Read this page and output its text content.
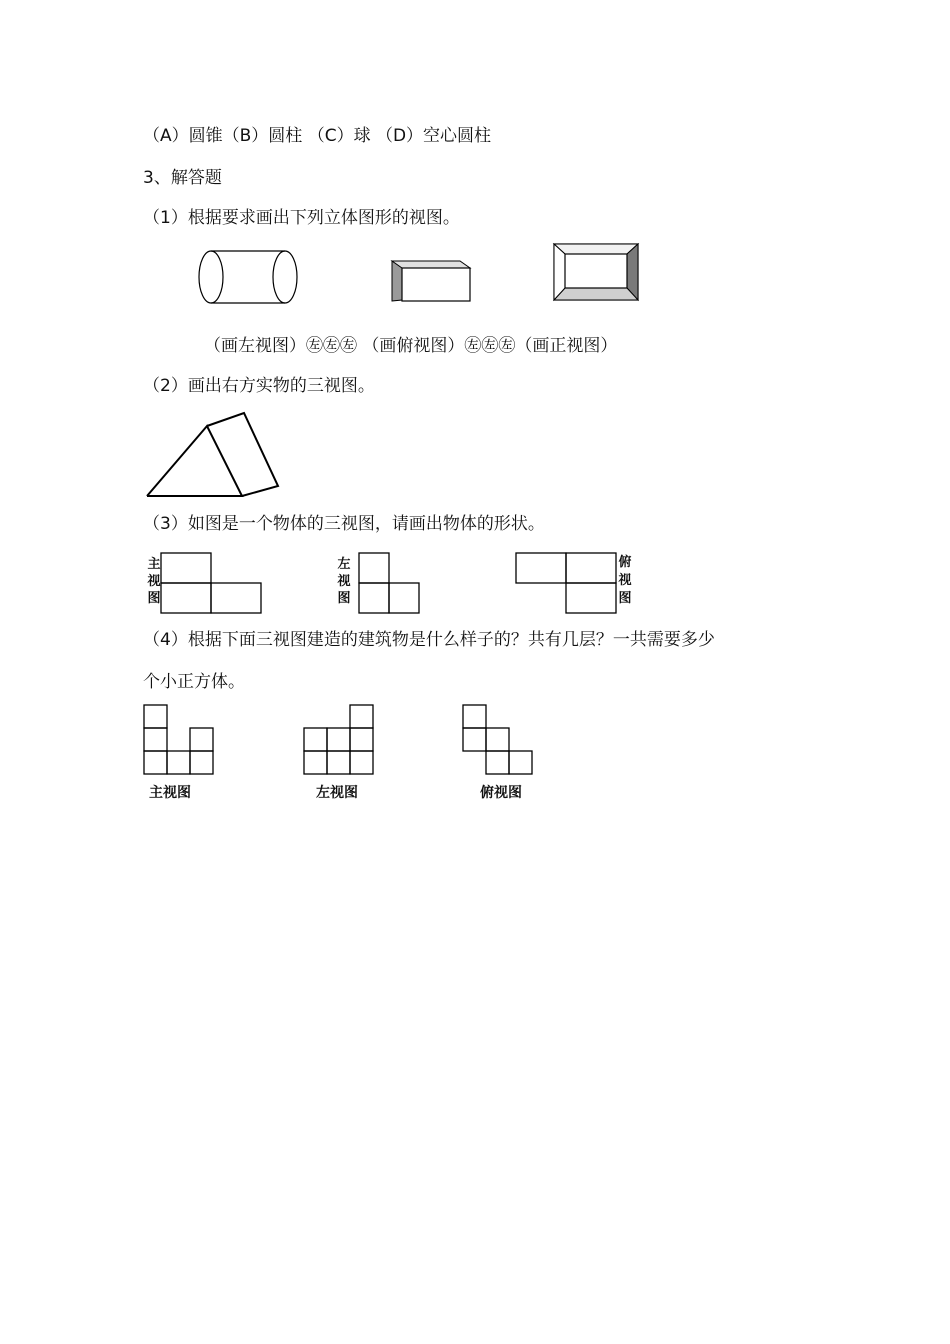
（A）圆锥（B）圆柱 （C）球 （D）空心圆柱
3、解答题
（1）根据要求画出下列立体图形的视图。
（画左视图）㊧㊧㊧ （画俯视图）㊧㊧㊧（画正视图）
（2）画出右方实物的三视图。
（3）如图是一个物体的三视图，请画出物体的形状。
主
视
图
左
视
图
俯
视
图
（4）根据下面三视图建造的建筑物是什么样子的？共有几层？一共需要多少
个小正方体。
主视图	左视图	俯视图
